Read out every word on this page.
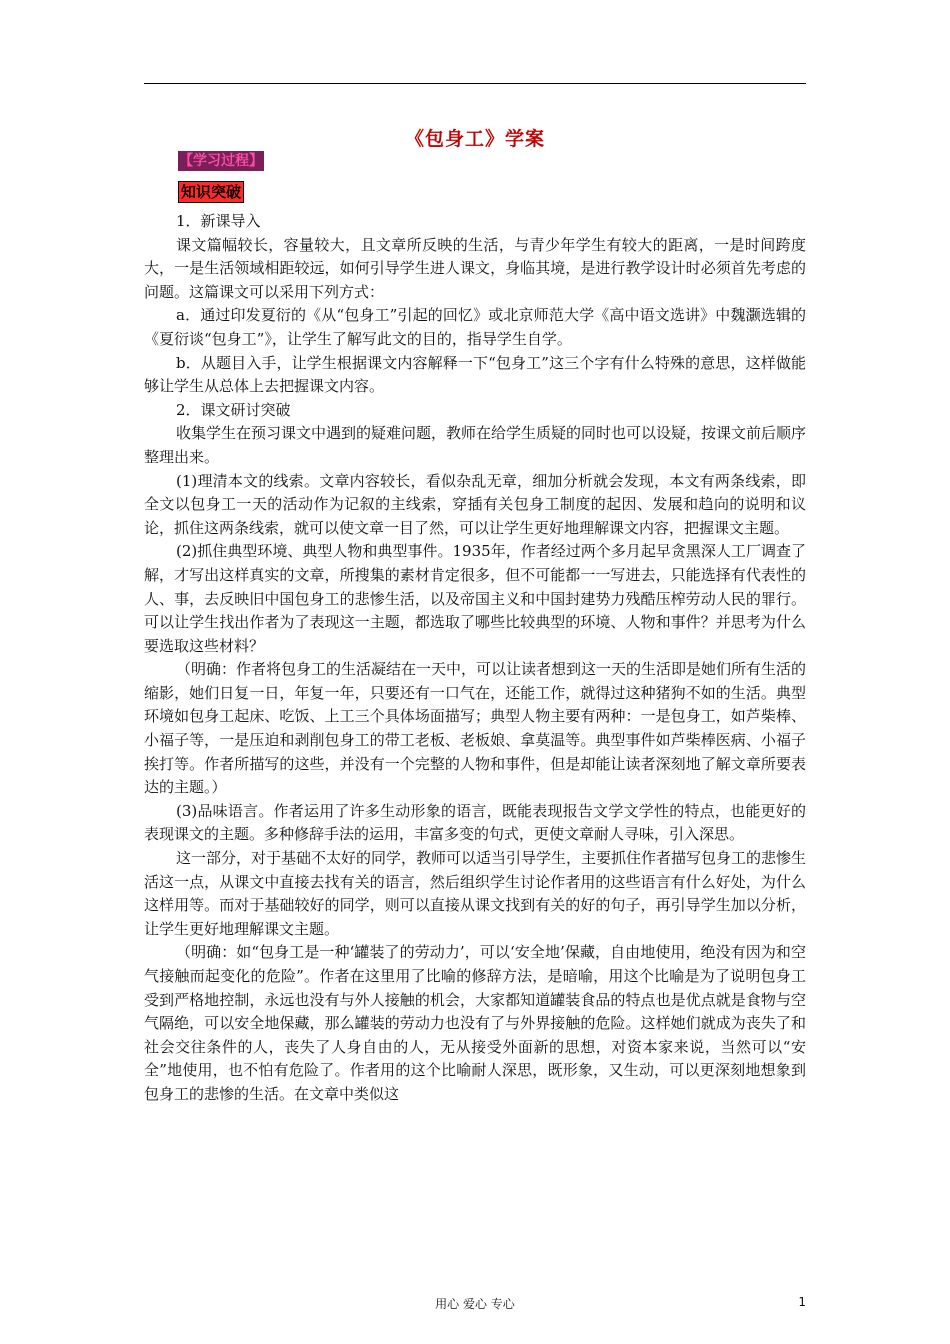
《包身工》学案
【学习过程】
知识突破

1．新课导入

课文篇幅较长，容量较大，且文章所反映的生活，与青少年学生有较大的距离，一是时间跨度大，一是生活领域相距较远，如何引导学生进人课文，身临其境，是进行教学设计时必须首先考虑的问题。这篇课文可以采用下列方式：

a．通过印发夏衍的《从“包身工”引起的回忆》或北京师范大学《高中语文选讲》中魏灏选辑的《夏衍谈“包身工”》，让学生了解写此文的目的，指导学生自学。

b．从题目入手，让学生根据课文内容解释一下“包身工”这三个字有什么特殊的意思，这样做能够让学生从总体上去把握课文内容。

2．课文研讨突破

收集学生在预习课文中遇到的疑难问题，教师在给学生质疑的同时也可以设疑，按课文前后顺序整理出来。

(1)理清本文的线索。文章内容较长，看似杂乱无章，细加分析就会发现，本文有两条线索，即全文以包身工一天的活动作为记叙的主线索，穿插有关包身工制度的起因、发展和趋向的说明和议论，抓住这两条线索，就可以使文章一目了然，可以让学生更好地理解课文内容，把握课文主题。

(2)抓住典型环境、典型人物和典型事件。1935年，作者经过两个多月起早贪黑深人工厂调查了解，才写出这样真实的文章，所搜集的素材肯定很多，但不可能都一一写进去，只能选择有代表性的人、事，去反映旧中国包身工的悲惨生活，以及帝国主义和中国封建势力残酷压榨劳动人民的罪行。可以让学生找出作者为了表现这一主题，都选取了哪些比较典型的环境、人物和事件？并思考为什么要选取这些材料？

（明确：作者将包身工的生活凝结在一天中，可以让读者想到这一天的生活即是她们所有生活的缩影，她们日复一日，年复一年，只要还有一口气在，还能工作，就得过这种猪狗不如的生活。典型环境如包身工起床、吃饭、上工三个具体场面描写；典型人物主要有两种：一是包身工，如芦柴棒、小福子等，一是压迫和剥削包身工的带工老板、老板娘、拿莫温等。典型事件如芦柴棒医病、小福子挨打等。作者所描写的这些，并没有一个完整的人物和事件，但是却能让读者深刻地了解文章所要表达的主题。）

(3)品味语言。作者运用了许多生动形象的语言，既能表现报告文学文学性的特点，也能更好的表现课文的主题。多种修辞手法的运用，丰富多变的句式，更使文章耐人寻味，引入深思。

这一部分，对于基础不太好的同学，教师可以适当引导学生，主要抓住作者描写包身工的悲惨生活这一点，从课文中直接去找有关的语言，然后组织学生讨论作者用的这些语言有什么好处，为什么这样用等。而对于基础较好的同学，则可以直接从课文找到有关的好的句子，再引导学生加以分析，让学生更好地理解课文主题。

（明确：如“包身工是一种‘罐装了的劳动力’，可以‘安全地’保藏，自由地使用，绝没有因为和空气接触而起变化的危险”。作者在这里用了比喻的修辞方法，是暗喻，用这个比喻是为了说明包身工受到严格地控制，永远也没有与外人接触的机会，大家都知道罐装食品的特点也是优点就是食物与空气隔绝，可以安全地保藏，那么罐装的劳动力也没有了与外界接触的危险。这样她们就成为丧失了和社会交往条件的人，丧失了人身自由的人，无从接受外面新的思想，对资本家来说，当然可以“安全”地使用，也不怕有危险了。作者用的这个比喻耐人深思，既形象，又生动，可以更深刻地想象到包身工的悲惨的生活。在文章中类似这

用心 爱心 专心	1
